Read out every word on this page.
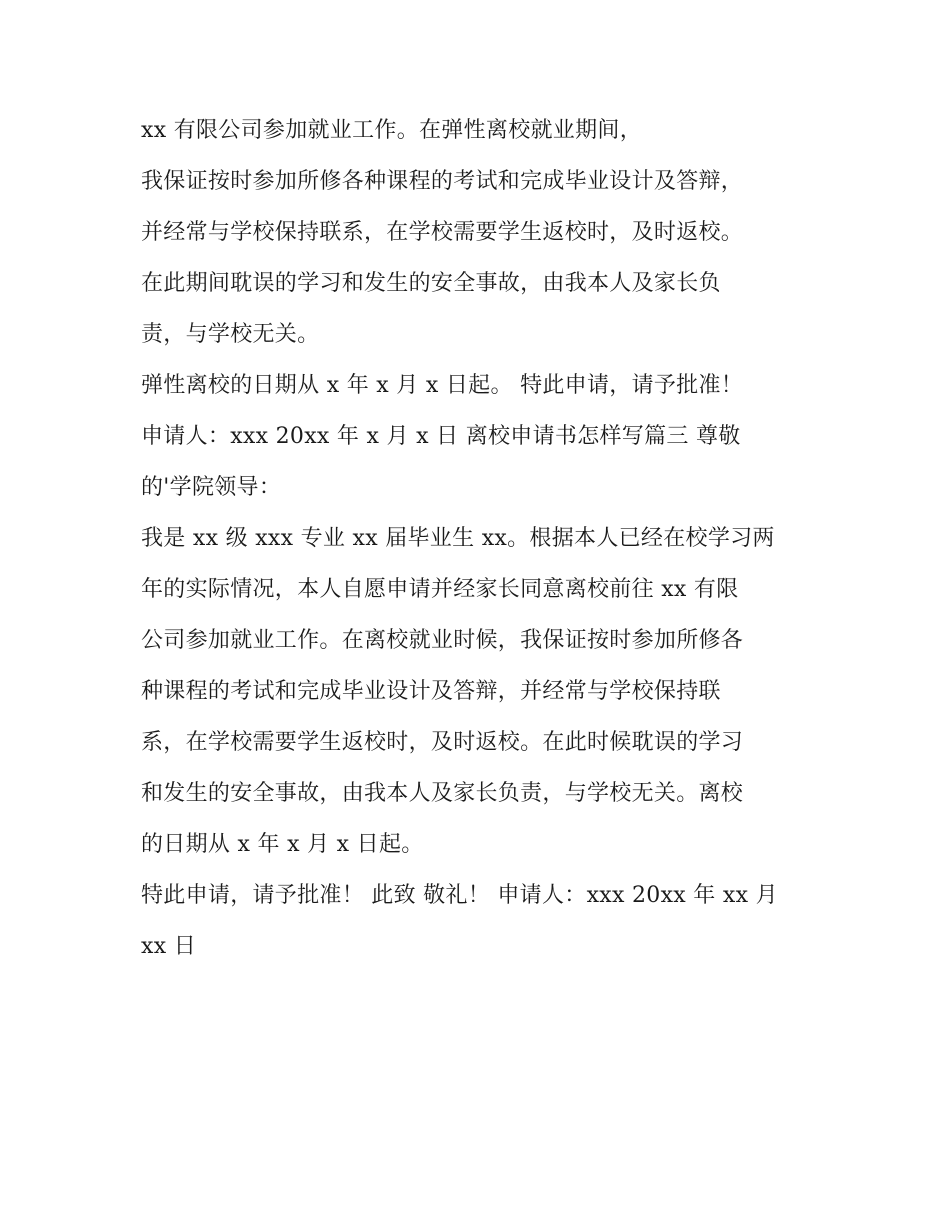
xx 有限公司参加就业工作。在弹性离校就业期间，
我保证按时参加所修各种课程的考试和完成毕业设计及答辩，
并经常与学校保持联系，在学校需要学生返校时，及时返校。
在此期间耽误的学习和发生的安全事故，由我本人及家长负
责，与学校无关。
弹性离校的日期从 x 年 x 月 x 日起。 特此申请，请予批准！
申请人：xxx 20xx 年 x 月 x 日 离校申请书怎样写篇三 尊敬
的'学院领导：
我是 xx 级 xxx 专业 xx 届毕业生 xx。根据本人已经在校学习两
年的实际情况，本人自愿申请并经家长同意离校前往 xx 有限
公司参加就业工作。在离校就业时候，我保证按时参加所修各
种课程的考试和完成毕业设计及答辩，并经常与学校保持联
系，在学校需要学生返校时，及时返校。在此时候耽误的学习
和发生的安全事故，由我本人及家长负责，与学校无关。离校
的日期从 x 年 x 月 x 日起。
特此申请，请予批准！ 此致 敬礼！ 申请人：xxx 20xx 年 xx 月
xx 日
